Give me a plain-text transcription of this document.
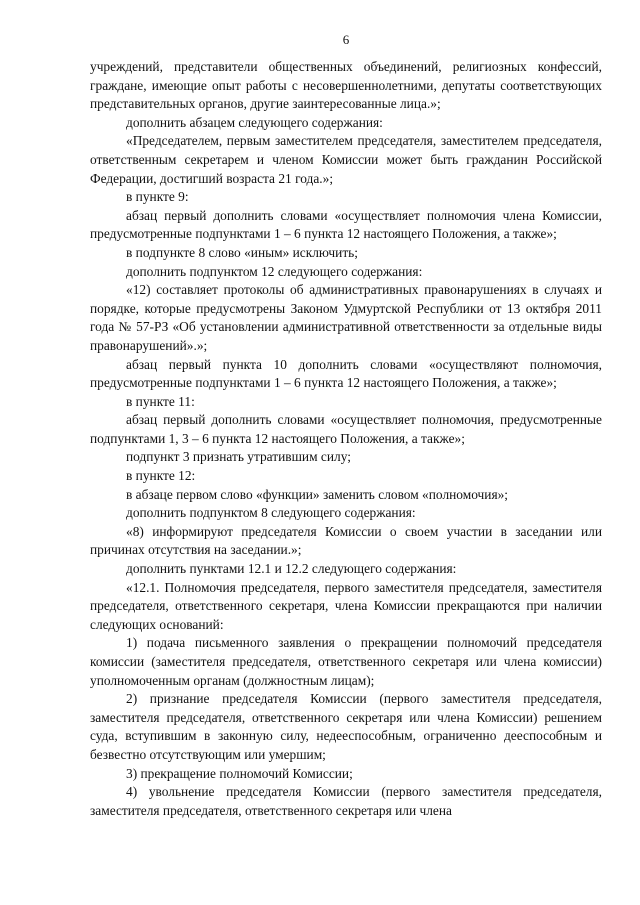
6

учреждений, представители общественных объединений, религиозных конфессий, граждане, имеющие опыт работы с несовершеннолетними, депутаты соответствующих представительных органов, другие заинтересованные лица.»;

дополнить абзацем следующего содержания:

«Председателем, первым заместителем председателя, заместителем председателя, ответственным секретарем и членом Комиссии может быть гражданин Российской Федерации, достигший возраста 21 года.»;

в пункте 9:

абзац первый дополнить словами «осуществляет полномочия члена Комиссии, предусмотренные подпунктами 1 – 6 пункта 12 настоящего Положения, а также»;

в подпункте 8 слово «иным» исключить;

дополнить подпунктом 12 следующего содержания:

«12) составляет протоколы об административных правонарушениях в случаях и порядке, которые предусмотрены Законом Удмуртской Республики от 13 октября 2011 года № 57-РЗ «Об установлении административной ответственности за отдельные виды правонарушений».»;

абзац первый пункта 10 дополнить словами «осуществляют полномочия, предусмотренные подпунктами 1 – 6 пункта 12 настоящего Положения, а также»;

в пункте 11:

абзац первый дополнить словами «осуществляет полномочия, предусмотренные подпунктами 1, 3 – 6 пункта 12 настоящего Положения, а также»;

подпункт 3 признать утратившим силу;

в пункте 12:

в абзаце первом слово «функции» заменить словом «полномочия»;

дополнить подпунктом 8 следующего содержания:

«8) информируют председателя Комиссии о своем участии в заседании или причинах отсутствия на заседании.»;

дополнить пунктами 12.1 и 12.2 следующего содержания:

«12.1. Полномочия председателя, первого заместителя председателя, заместителя председателя, ответственного секретаря, члена Комиссии прекращаются при наличии следующих оснований:

1) подача письменного заявления о прекращении полномочий председателя комиссии (заместителя председателя, ответственного секретаря или члена комиссии) уполномоченным органам (должностным лицам);

2) признание председателя Комиссии (первого заместителя председателя, заместителя председателя, ответственного секретаря или члена Комиссии) решением суда, вступившим в законную силу, недееспособным, ограниченно дееспособным и безвестно отсутствующим или умершим;

3) прекращение полномочий Комиссии;

4) увольнение председателя Комиссии (первого заместителя председателя, заместителя председателя, ответственного секретаря или члена
